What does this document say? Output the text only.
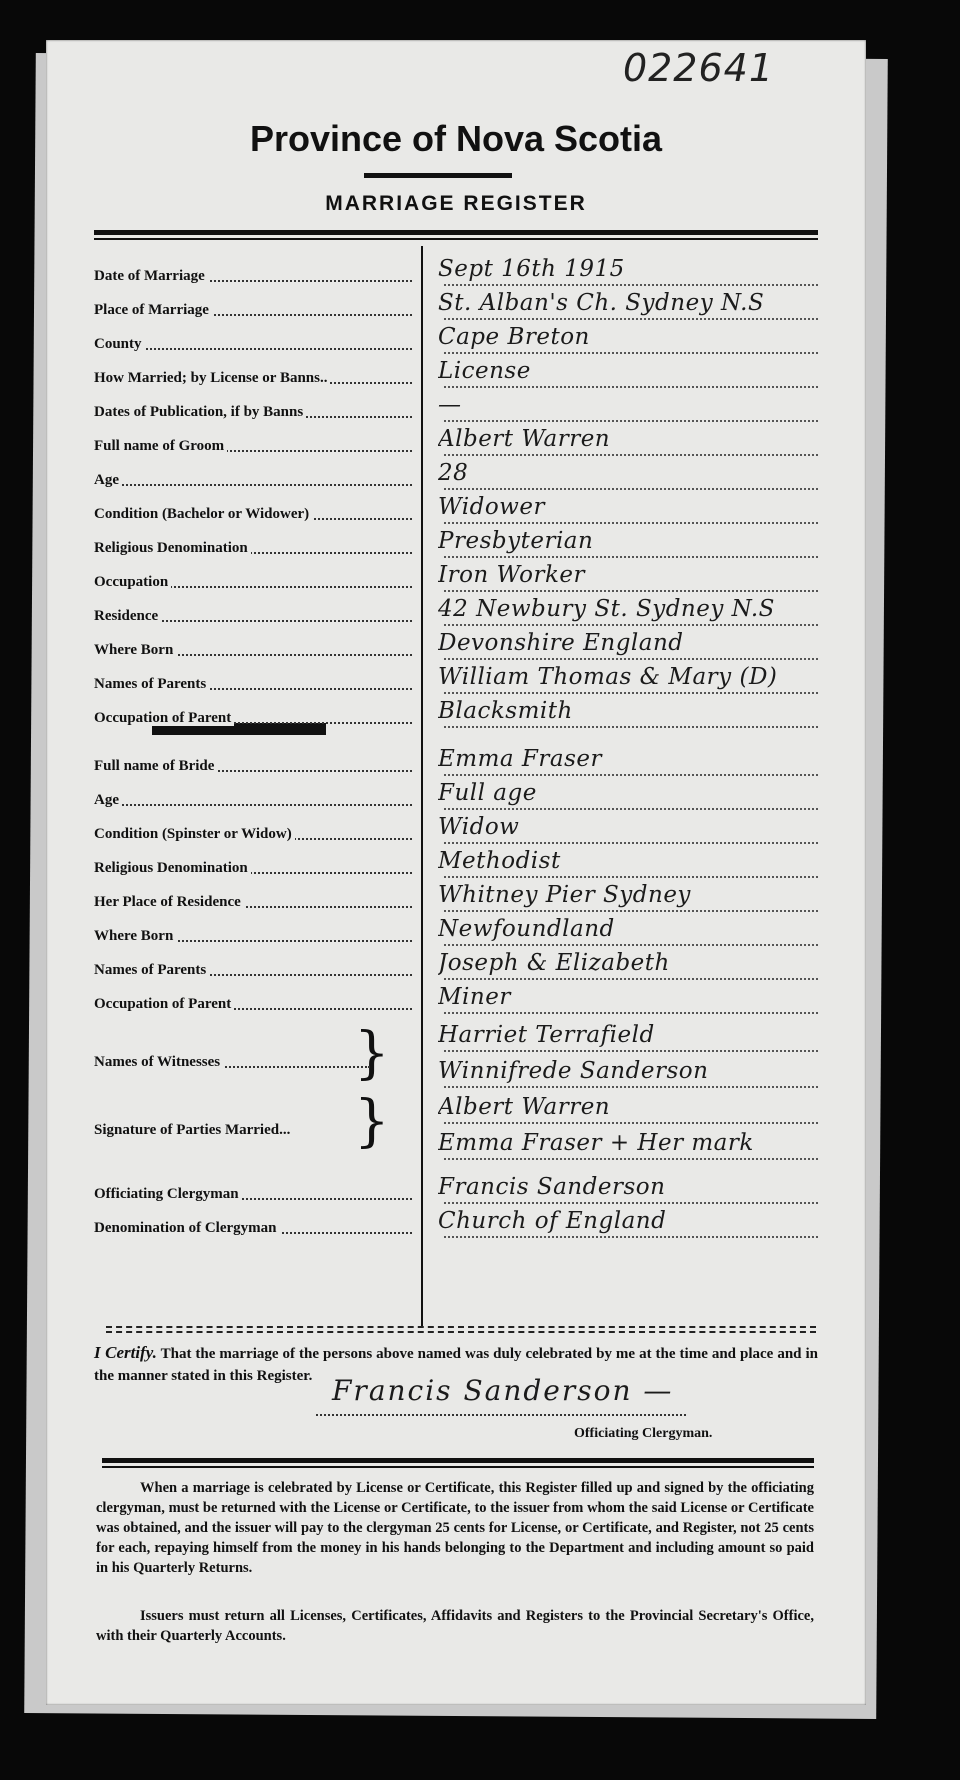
022641
Province of Nova Scotia
MARRIAGE REGISTER
Date of Marriage	Sept 16th 1915
Place of Marriage	St. Alban's Ch. Sydney N.S
County	Cape Breton
How Married; by License or Banns..	License
Dates of Publication, if by Banns	—
Full name of Groom	Albert Warren
Age	28
Condition (Bachelor or Widower)	Widower
Religious Denomination	Presbyterian
Occupation	Iron Worker
Residence	42 Newbury St. Sydney N.S
Where Born	Devonshire England
Names of Parents	William Thomas & Mary (D)
Occupation of Parent	Blacksmith
Full name of Bride	Emma Fraser
Age	Full age
Condition (Spinster or Widow)	Widow
Religious Denomination	Methodist
Her Place of Residence	Whitney Pier Sydney
Where Born	Newfoundland
Names of Parents	Joseph & Elizabeth
Occupation of Parent	Miner
Harriet Terrafield
Names of Witnesses	Winnifrede Sanderson
}
Albert Warren
Signature of Parties Married...	Emma Fraser + Her mark
}
Officiating Clergyman	Francis Sanderson
Denomination of Clergyman	Church of England
I Certify. That the marriage of the persons above named was duly celebrated by me at the time and place and in the manner stated in this Register. Francis Sanderson —
Officiating Clergyman.
When a marriage is celebrated by License or Certificate, this Register filled up and signed by the officiating clergyman, must be returned with the License or Certificate, to the issuer from whom the said License or Certificate was obtained, and the issuer will pay to the clergyman 25 cents for License, or Certificate, and Register, not 25 cents for each, repaying himself from the money in his hands belonging to the Department and including amount so paid in his Quarterly Returns.
Issuers must return all Licenses, Certificates, Affidavits and Registers to the Provincial Secretary's Office, with their Quarterly Accounts.
